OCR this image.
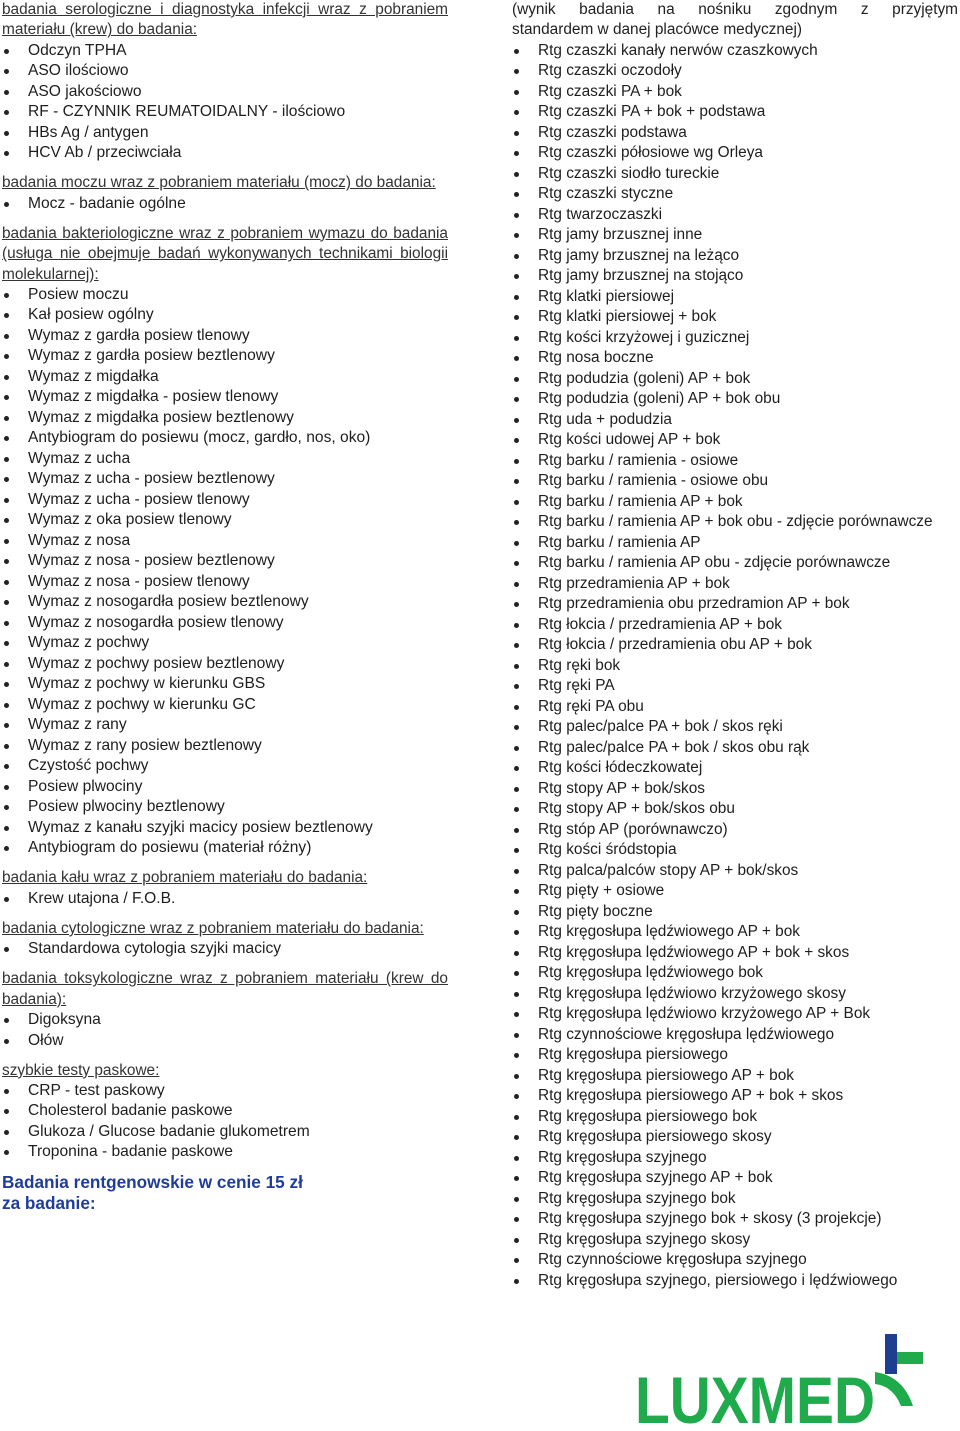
badania serologiczne i diagnostyka infekcji wraz z pobraniem materiału (krew) do badania:
Odczyn TPHA
ASO ilościowo
ASO jakościowo
RF - CZYNNIK REUMATOIDALNY - ilościowo
HBs Ag / antygen
HCV Ab / przeciwciała
badania moczu wraz z pobraniem materiału (mocz) do badania:
Mocz - badanie ogólne
badania bakteriologiczne wraz z pobraniem wymazu do badania (usługa nie obejmuje badań wykonywanych technikami biologii molekularnej):
Posiew moczu
Kał posiew ogólny
Wymaz z gardła posiew tlenowy
Wymaz z gardła posiew beztlenowy
Wymaz z migdałka
Wymaz z migdałka - posiew tlenowy
Wymaz z migdałka posiew beztlenowy
Antybiogram do posiewu (mocz, gardło, nos, oko)
Wymaz z ucha
Wymaz z ucha - posiew beztlenowy
Wymaz z ucha - posiew tlenowy
Wymaz z oka posiew tlenowy
Wymaz z nosa
Wymaz z nosa - posiew beztlenowy
Wymaz z nosa - posiew tlenowy
Wymaz z nosogardła posiew beztlenowy
Wymaz z nosogardła posiew tlenowy
Wymaz z pochwy
Wymaz z pochwy posiew beztlenowy
Wymaz z pochwy w kierunku GBS
Wymaz z pochwy w kierunku GC
Wymaz z rany
Wymaz z rany posiew beztlenowy
Czystość pochwy
Posiew plwociny
Posiew plwociny beztlenowy
Wymaz z kanału szyjki macicy posiew beztlenowy
Antybiogram do posiewu (materiał różny)
badania kału wraz z pobraniem materiału do badania:
Krew utajona / F.O.B.
badania cytologiczne wraz z pobraniem materiału do badania:
Standardowa cytologia szyjki macicy
badania toksykologiczne wraz z pobraniem materiału (krew do badania):
Digoksyna
Ołów
szybkie testy paskowe:
CRP - test paskowy
Cholesterol badanie paskowe
Glukoza / Glucose badanie glukometrem
Troponina - badanie paskowe
Badania rentgenowskie w cenie 15 zł
za badanie:
(wynik badania na nośniku zgodnym z przyjętym
standardem w danej placówce medycznej)
Rtg czaszki kanały nerwów czaszkowych
Rtg czaszki oczodoły
Rtg czaszki PA + bok
Rtg czaszki PA + bok + podstawa
Rtg czaszki podstawa
Rtg czaszki półosiowe wg Orleya
Rtg czaszki siodło tureckie
Rtg czaszki styczne
Rtg twarzoczaszki
Rtg jamy brzusznej inne
Rtg jamy brzusznej na leżąco
Rtg jamy brzusznej na stojąco
Rtg klatki piersiowej
Rtg klatki piersiowej + bok
Rtg kości krzyżowej i guzicznej
Rtg nosa boczne
Rtg podudzia (goleni) AP + bok
Rtg podudzia (goleni) AP + bok obu
Rtg uda + podudzia
Rtg kości udowej AP + bok
Rtg barku / ramienia - osiowe
Rtg barku / ramienia - osiowe obu
Rtg barku / ramienia AP + bok
Rtg barku / ramienia AP + bok obu - zdjęcie porównawcze
Rtg barku / ramienia AP
Rtg barku / ramienia AP obu - zdjęcie porównawcze
Rtg przedramienia AP + bok
Rtg przedramienia obu przedramion AP + bok
Rtg łokcia / przedramienia AP + bok
Rtg łokcia / przedramienia obu AP + bok
Rtg ręki bok
Rtg ręki PA
Rtg ręki PA obu
Rtg palec/palce PA + bok / skos ręki
Rtg palec/palce PA + bok / skos obu rąk
Rtg kości łódeczkowatej
Rtg stopy AP + bok/skos
Rtg stopy AP + bok/skos obu
Rtg stóp AP (porównawczo)
Rtg kości śródstopia
Rtg palca/palców stopy AP + bok/skos
Rtg pięty + osiowe
Rtg pięty boczne
Rtg kręgosłupa lędźwiowego AP + bok
Rtg kręgosłupa lędźwiowego AP + bok + skos
Rtg kręgosłupa lędźwiowego bok
Rtg kręgosłupa lędźwiowo krzyżowego skosy
Rtg kręgosłupa lędźwiowo krzyżowego AP + Bok
Rtg czynnościowe kręgosłupa lędźwiowego
Rtg kręgosłupa piersiowego
Rtg kręgosłupa piersiowego AP + bok
Rtg kręgosłupa piersiowego AP + bok + skos
Rtg kręgosłupa piersiowego bok
Rtg kręgosłupa piersiowego skosy
Rtg kręgosłupa szyjnego
Rtg kręgosłupa szyjnego AP + bok
Rtg kręgosłupa szyjnego bok
Rtg kręgosłupa szyjnego bok + skosy (3 projekcje)
Rtg kręgosłupa szyjnego skosy
Rtg czynnościowe kręgosłupa szyjnego
Rtg kręgosłupa szyjnego, piersiowego i lędźwiowego
LUXMED
